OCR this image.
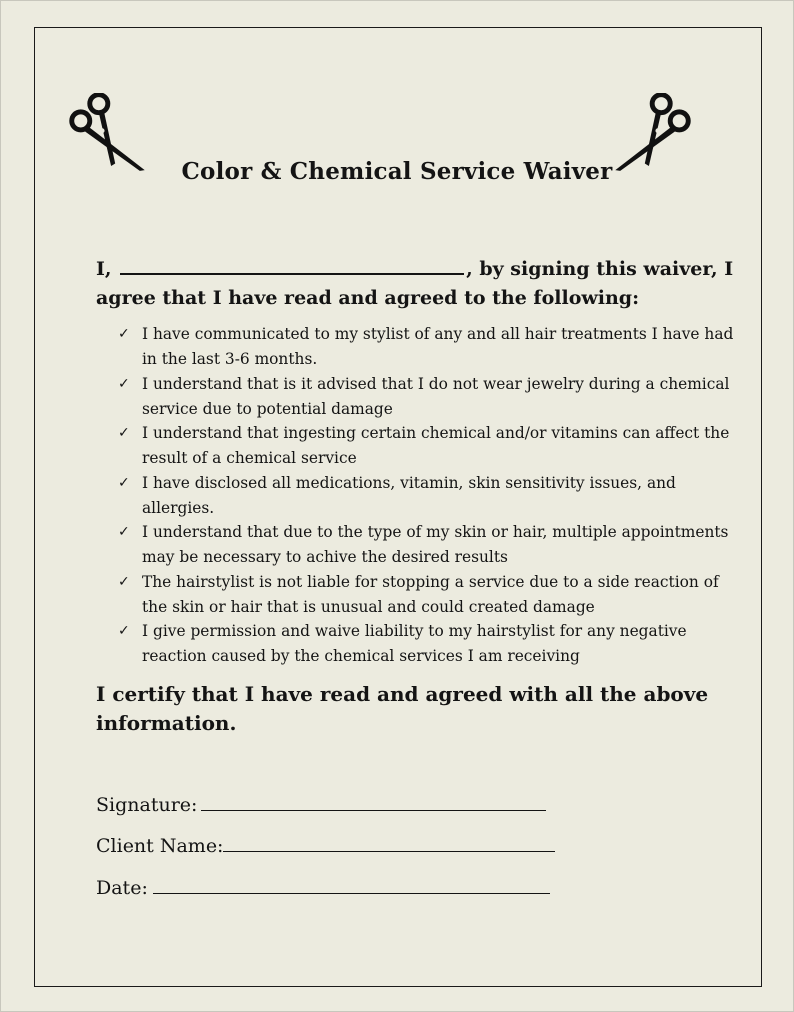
Color & Chemical Service Waiver
I,	, by signing this waiver, I agree that I have read and agreed to the following:
✓ I have communicated to my stylist of any and all hair treatments I have had in the last 3-6 months.
✓ I understand that is it advised that I do not wear jewelry during a chemical service due to potential damage
✓ I understand that ingesting certain chemical and/or vitamins can affect the result of a chemical service
✓ I have disclosed all medications, vitamin, skin sensitivity issues, and allergies.
✓ I understand that due to the type of my skin or hair, multiple appointments may be necessary to achive the desired results
✓ The hairstylist is not liable for stopping a service due to a side reaction of the skin or hair that is unusual and could created damage
✓ I give permission and waive liability to my hairstylist for any negative reaction caused by the chemical services I am receiving
I certify that I have read and agreed with all the above information.
Signature:
Client Name:
Date:
